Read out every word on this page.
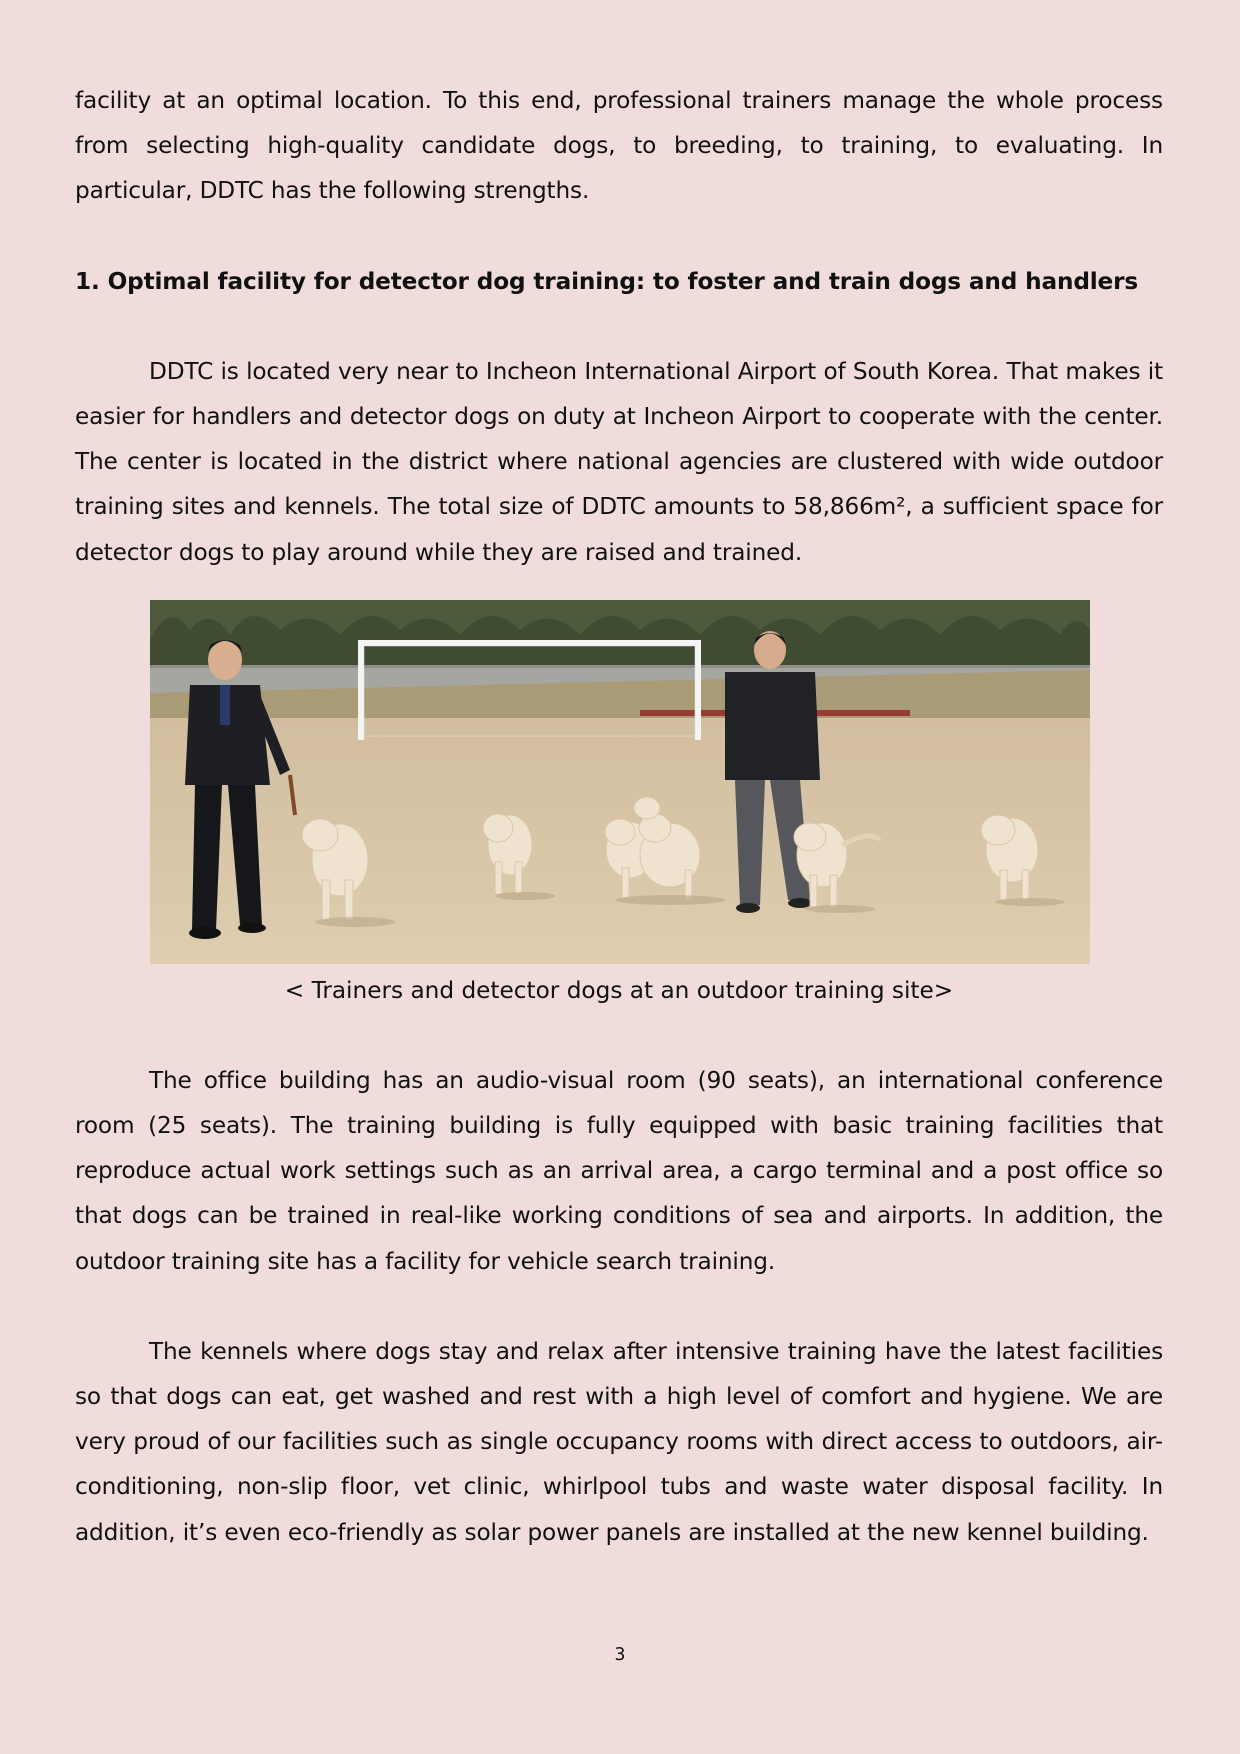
facility at an optimal location. To this end, professional trainers manage the whole process from selecting high-quality candidate dogs, to breeding, to training, to evaluating. In particular, DDTC has the following strengths.

1. Optimal facility for detector dog training: to foster and train dogs and handlers

DDTC is located very near to Incheon International Airport of South Korea. That makes it easier for handlers and detector dogs on duty at Incheon Airport to cooperate with the center. The center is located in the district where national agencies are clustered with wide outdoor training sites and kennels. The total size of DDTC amounts to 58,866m², a sufficient space for detector dogs to play around while they are raised and trained.

< Trainers and detector dogs at an outdoor training site>

The office building has an audio-visual room (90 seats), an international conference room (25 seats). The training building is fully equipped with basic training facilities that reproduce actual work settings such as an arrival area, a cargo terminal and a post office so that dogs can be trained in real-like working conditions of sea and airports. In addition, the outdoor training site has a facility for vehicle search training.

The kennels where dogs stay and relax after intensive training have the latest facilities so that dogs can eat, get washed and rest with a high level of comfort and hygiene. We are very proud of our facilities such as single occupancy rooms with direct access to outdoors, air-conditioning, non-slip floor, vet clinic, whirlpool tubs and waste water disposal facility. In addition, it’s even eco-friendly as solar power panels are installed at the new kennel building.

3
